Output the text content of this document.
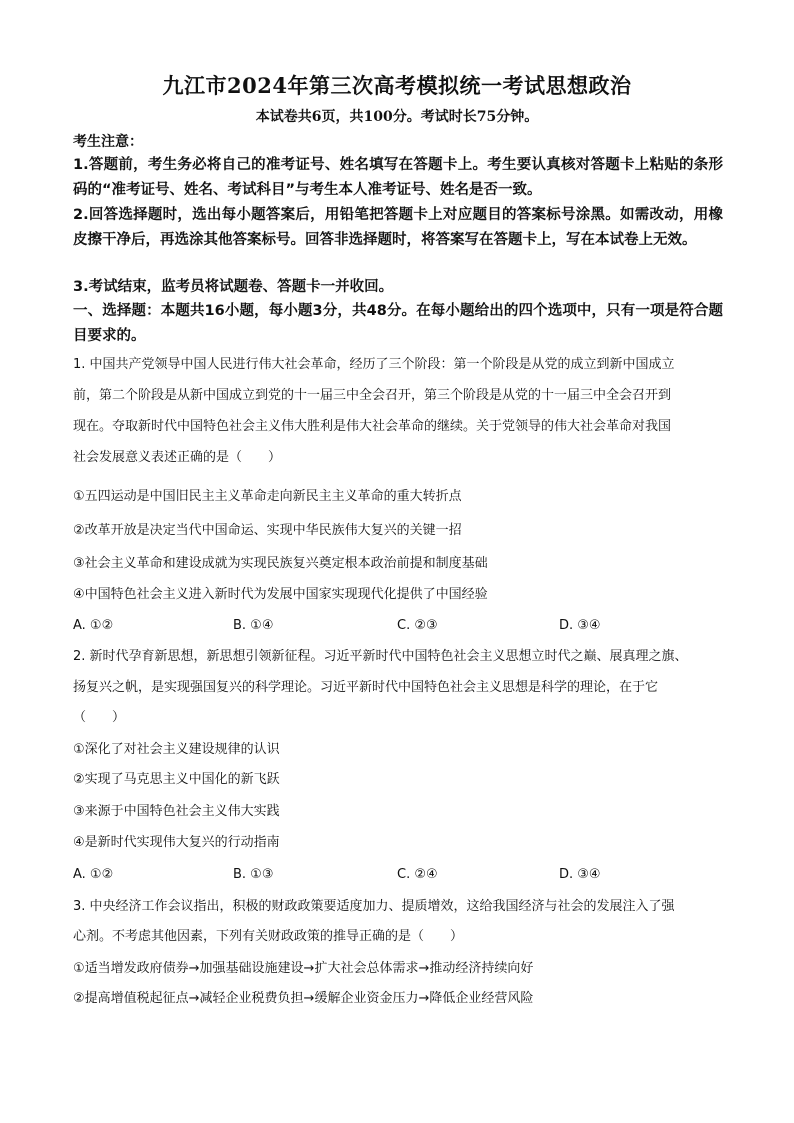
九江市2024年第三次高考模拟统一考试思想政治
本试卷共6页，共100分。考试时长75分钟。
考生注意：
1.答题前，考生务必将自己的准考证号、姓名填写在答题卡上。考生要认真核对答题卡上粘贴的条形码的“准考证号、姓名、考试科目”与考生本人准考证号、姓名是否一致。
2.回答选择题时，选出每小题答案后，用铅笔把答题卡上对应题目的答案标号涂黑。如需改动，用橡皮擦干净后，再选涂其他答案标号。回答非选择题时，将答案写在答题卡上，写在本试卷上无效。
3.考试结束，监考员将试题卷、答题卡一并收回。
一、选择题：本题共16小题，每小题3分，共48分。在每小题给出的四个选项中，只有一项是符合题目要求的。
1. 中国共产党领导中国人民进行伟大社会革命，经历了三个阶段：第一个阶段是从党的成立到新中国成立
前，第二个阶段是从新中国成立到党的十一届三中全会召开，第三个阶段是从党的十一届三中全会召开到
现在。夺取新时代中国特色社会主义伟大胜利是伟大社会革命的继续。关于党领导的伟大社会革命对我国
社会发展意义表述正确的是（　　）
①五四运动是中国旧民主主义革命走向新民主主义革命的重大转折点
②改革开放是决定当代中国命运、实现中华民族伟大复兴的关键一招
③社会主义革命和建设成就为实现民族复兴奠定根本政治前提和制度基础
④中国特色社会主义进入新时代为发展中国家实现现代化提供了中国经验
A. ①②	B. ①④	C. ②③	D. ③④
2. 新时代孕育新思想，新思想引领新征程。习近平新时代中国特色社会主义思想立时代之巅、展真理之旗、
扬复兴之帆，是实现强国复兴的科学理论。习近平新时代中国特色社会主义思想是科学的理论，在于它
（　　）
①深化了对社会主义建设规律的认识
②实现了马克思主义中国化的新飞跃
③来源于中国特色社会主义伟大实践
④是新时代实现伟大复兴的行动指南
A. ①②	B. ①③	C. ②④	D. ③④
3. 中央经济工作会议指出，积极的财政政策要适度加力、提质增效，这给我国经济与社会的发展注入了强
心剂。不考虑其他因素，下列有关财政政策的推导正确的是（　　）
①适当增发政府债券→加强基础设施建设→扩大社会总体需求→推动经济持续向好
②提高增值税起征点→减轻企业税费负担→缓解企业资金压力→降低企业经营风险
